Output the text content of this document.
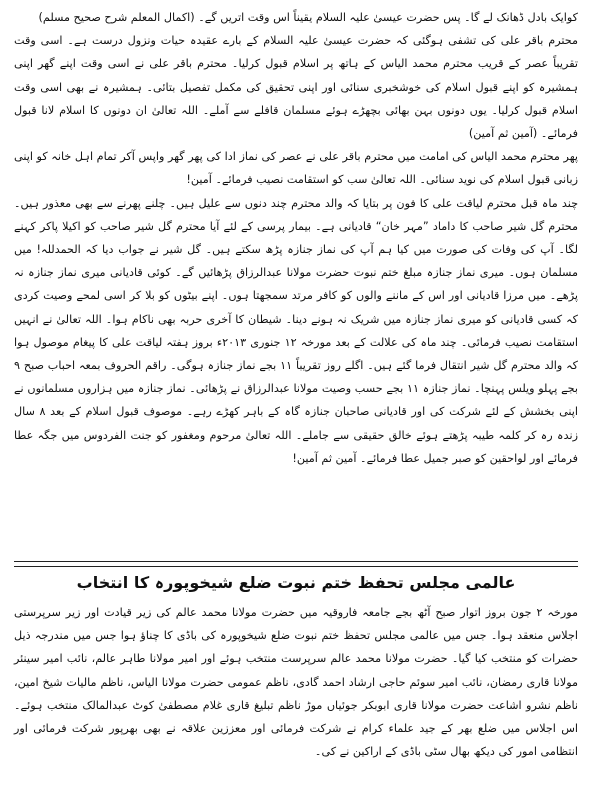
کوایک بادل ڈھانک لے گا۔ پس حضرت عیسیٰ علیہ السلام یقیناً اس وقت اتریں گے۔ (اکمال المعلم شرح صحیح مسلم)

محترم باقر علی کی تشفی ہوگئی کہ حضرت عیسیٰ علیہ السلام کے بارے عقیدہ حیات ونزول درست ہے۔ اسی وقت تقریباً عصر کے قریب محترم محمد الیاس کے ہاتھ پر اسلام قبول کرلیا۔ محترم باقر علی نے اسی وقت اپنے گھر اپنی ہمشیرہ کو اپنے قبول اسلام کی خوشخبری سنائی اور اپنی تحقیق کی مکمل تفصیل بتائی۔ ہمشیرہ نے بھی اسی وقت اسلام قبول کرلیا۔ یوں دونوں بہن بھائی بچھڑے ہوئے مسلمان قافلے سے آملے۔ اللہ تعالیٰ ان دونوں کا اسلام لانا قبول فرمائے۔ (آمین ثم آمین)

پھر محترم محمد الیاس کی امامت میں محترم باقر علی نے عصر کی نماز ادا کی پھر گھر واپس آکر تمام اہل خانہ کو اپنی زبانی قبول اسلام کی نوید سنائی۔ اللہ تعالیٰ سب کو استقامت نصیب فرمائے۔ آمین!

چند ماہ قبل محترم لیاقت علی کا فون پر بتایا کہ والد محترم چند دنوں سے علیل ہیں۔ چلنے پھرنے سے بھی معذور ہیں۔ محترم گل شیر صاحب کا داماد ”مہر خان“ قادیانی ہے۔ بیمار پرسی کے لئے آیا محترم گل شیر صاحب کو اکیلا پاکر کہنے لگا۔ آپ کی وفات کی صورت میں کیا ہم آپ کی نماز جنازہ پڑھ سکتے ہیں۔ گل شیر نے جواب دیا کہ الحمدللہ! میں مسلمان ہوں۔ میری نماز جنازہ مبلغ ختم نبوت حضرت مولانا عبدالرزاق پڑھائیں گے۔ کوئی قادیانی میری نماز جنازہ نہ پڑھے۔ میں مرزا قادیانی اور اس کے ماننے والوں کو کافر مرتد سمجھتا ہوں۔ اپنے بیٹوں کو بلا کر اسی لمحے وصیت کردی کہ کسی قادیانی کو میری نماز جنازہ میں شریک نہ ہونے دینا۔ شیطان کا آخری حربہ بھی ناکام ہوا۔ اللہ تعالیٰ نے انہیں استقامت نصیب فرمائی۔ چند ماہ کی علالت کے بعد مورخہ ۱۲ جنوری ۲۰۱۳ء بروز ہفتہ لیاقت علی کا پیغام موصول ہوا کہ والد محترم گل شیر انتقال فرما گئے ہیں۔ اگلے روز تقریباً ۱۱ بجے نماز جنازہ ہوگی۔ راقم الحروف بمعہ احباب صبح ۹ بجے پہلو ویلس پہنچا۔ نماز جنازہ ۱۱ بجے حسب وصیت مولانا عبدالرزاق نے پڑھائی۔ نماز جنازہ میں ہزاروں مسلمانوں نے اپنی بخشش کے لئے شرکت کی اور قادیانی صاحبان جنازہ گاہ کے باہر کھڑے رہے۔ موصوف قبول اسلام کے بعد ۸ سال زندہ رہ کر کلمہ طیبہ پڑھتے ہوئے خالق حقیقی سے جاملے۔ اللہ تعالیٰ مرحوم ومغفور کو جنت الفردوس میں جگہ عطا فرمائے اور لواحقین کو صبر جمیل عطا فرمائے۔ آمین ثم آمین!

عالمی مجلس تحفظ ختم نبوت ضلع شیخوپورہ کا انتخاب

مورخہ ۲ جون بروز اتوار صبح آٹھ بجے جامعہ فاروقیہ میں حضرت مولانا محمد عالم کی زیر قیادت اور زیر سرپرستی اجلاس منعقد ہوا۔ جس میں عالمی مجلس تحفظ ختم نبوت ضلع شیخوپورہ کی باڈی کا چناؤ ہوا جس میں مندرجہ ذیل حضرات کو منتخب کیا گیا۔ حضرت مولانا محمد عالم سرپرست منتخب ہوئے اور امیر مولانا طاہر عالم، نائب امیر سینئر مولانا قاری رمضان، نائب امیر سوئم حاجی ارشاد احمد گادی، ناظم عمومی حضرت مولانا الیاس، ناظم مالیات شیخ امین، ناظم نشرو اشاعت حضرت مولانا قاری ابوبکر جوئیاں موڑ ناظم تبلیغ قاری غلام مصطفیٰ کوٹ عبدالمالک منتخب ہوئے۔ اس اجلاس میں ضلع بھر کے جید علماء کرام نے شرکت فرمائی اور معززین علاقہ نے بھی بھرپور شرکت فرمائی اور انتظامی امور کی دیکھ بھال سٹی باڈی کے اراکین نے کی۔
